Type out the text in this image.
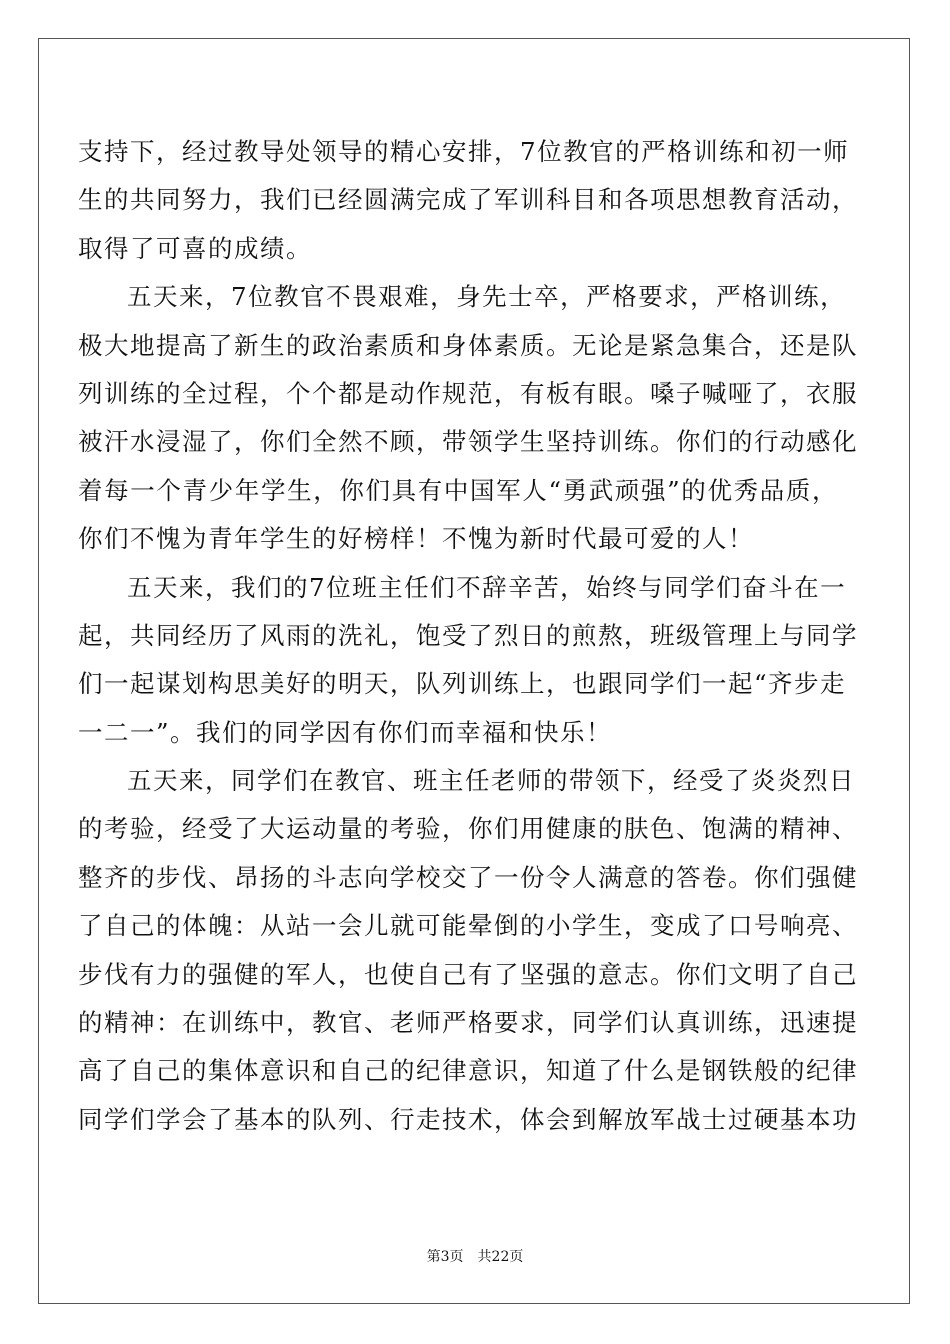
支持下，经过教导处领导的精心安排，7位教官的严格训练和初一师
生的共同努力，我们已经圆满完成了军训科目和各项思想教育活动，
取得了可喜的成绩。
五天来，7位教官不畏艰难，身先士卒，严格要求，严格训练，
极大地提高了新生的政治素质和身体素质。无论是紧急集合，还是队
列训练的全过程，个个都是动作规范，有板有眼。嗓子喊哑了，衣服
被汗水浸湿了，你们全然不顾，带领学生坚持训练。你们的行动感化
着每一个青少年学生，你们具有中国军人“勇武顽强”的优秀品质，
你们不愧为青年学生的好榜样！不愧为新时代最可爱的人！
五天来，我们的7位班主任们不辞辛苦，始终与同学们奋斗在一
起，共同经历了风雨的洗礼，饱受了烈日的煎熬，班级管理上与同学
们一起谋划构思美好的明天，队列训练上，也跟同学们一起“齐步走
一二一”。我们的同学因有你们而幸福和快乐！
五天来，同学们在教官、班主任老师的带领下，经受了炎炎烈日
的考验，经受了大运动量的考验，你们用健康的肤色、饱满的精神、
整齐的步伐、昂扬的斗志向学校交了一份令人满意的答卷。你们强健
了自己的体魄：从站一会儿就可能晕倒的小学生，变成了口号响亮、
步伐有力的强健的军人，也使自己有了坚强的意志。你们文明了自己
的精神：在训练中，教官、老师严格要求，同学们认真训练，迅速提
高了自己的集体意识和自己的纪律意识，知道了什么是钢铁般的纪律
同学们学会了基本的队列、行走技术，体会到解放军战士过硬基本功
第3页 共22页
